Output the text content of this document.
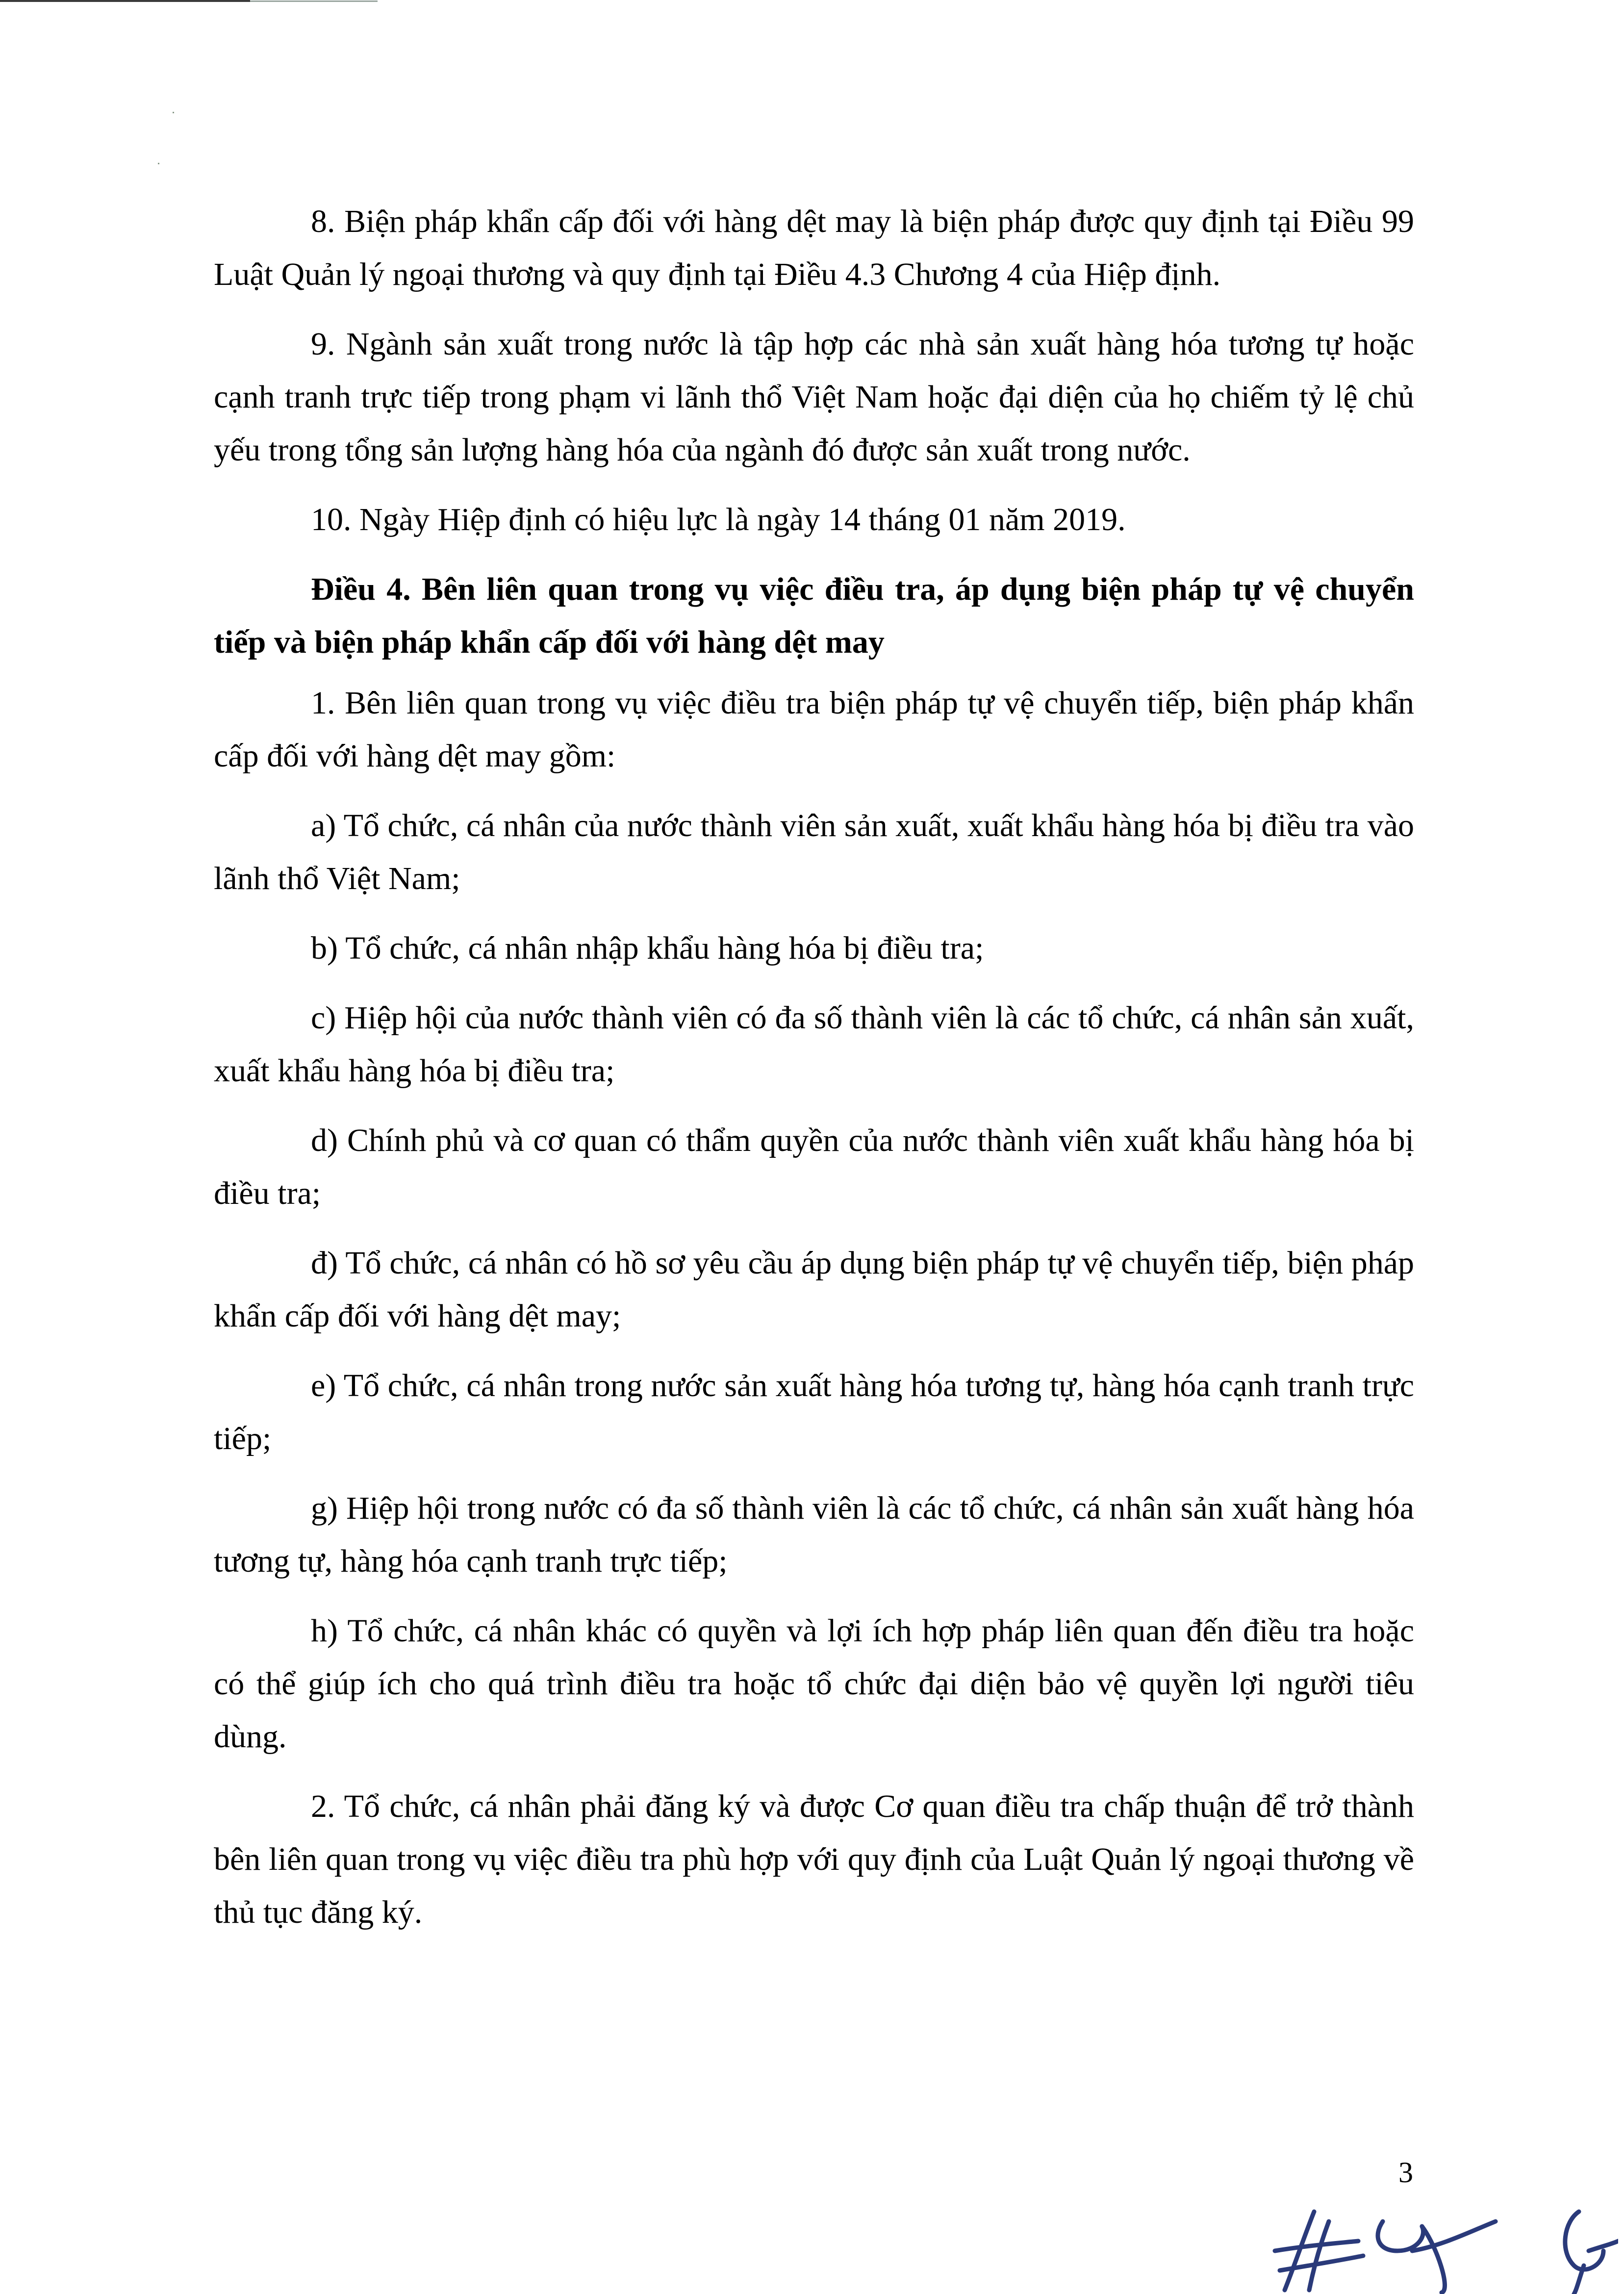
8. Biện pháp khẩn cấp đối với hàng dệt may là biện pháp được quy định tại Điều 99 Luật Quản lý ngoại thương và quy định tại Điều 4.3 Chương 4 của Hiệp định.

9. Ngành sản xuất trong nước là tập hợp các nhà sản xuất hàng hóa tương tự hoặc cạnh tranh trực tiếp trong phạm vi lãnh thổ Việt Nam hoặc đại diện của họ chiếm tỷ lệ chủ yếu trong tổng sản lượng hàng hóa của ngành đó được sản xuất trong nước.

10. Ngày Hiệp định có hiệu lực là ngày 14 tháng 01 năm 2019.

Điều 4. Bên liên quan trong vụ việc điều tra, áp dụng biện pháp tự vệ chuyển tiếp và biện pháp khẩn cấp đối với hàng dệt may

1. Bên liên quan trong vụ việc điều tra biện pháp tự vệ chuyển tiếp, biện pháp khẩn cấp đối với hàng dệt may gồm:

a) Tổ chức, cá nhân của nước thành viên sản xuất, xuất khẩu hàng hóa bị điều tra vào lãnh thổ Việt Nam;

b) Tổ chức, cá nhân nhập khẩu hàng hóa bị điều tra;

c) Hiệp hội của nước thành viên có đa số thành viên là các tổ chức, cá nhân sản xuất, xuất khẩu hàng hóa bị điều tra;

d) Chính phủ và cơ quan có thẩm quyền của nước thành viên xuất khẩu hàng hóa bị điều tra;

đ) Tổ chức, cá nhân có hồ sơ yêu cầu áp dụng biện pháp tự vệ chuyển tiếp, biện pháp khẩn cấp đối với hàng dệt may;

e) Tổ chức, cá nhân trong nước sản xuất hàng hóa tương tự, hàng hóa cạnh tranh trực tiếp;

g) Hiệp hội trong nước có đa số thành viên là các tổ chức, cá nhân sản xuất hàng hóa tương tự, hàng hóa cạnh tranh trực tiếp;

h) Tổ chức, cá nhân khác có quyền và lợi ích hợp pháp liên quan đến điều tra hoặc có thể giúp ích cho quá trình điều tra hoặc tổ chức đại diện bảo vệ quyền lợi người tiêu dùng.

2. Tổ chức, cá nhân phải đăng ký và được Cơ quan điều tra chấp thuận để trở thành bên liên quan trong vụ việc điều tra phù hợp với quy định của Luật Quản lý ngoại thương về thủ tục đăng ký.

3
